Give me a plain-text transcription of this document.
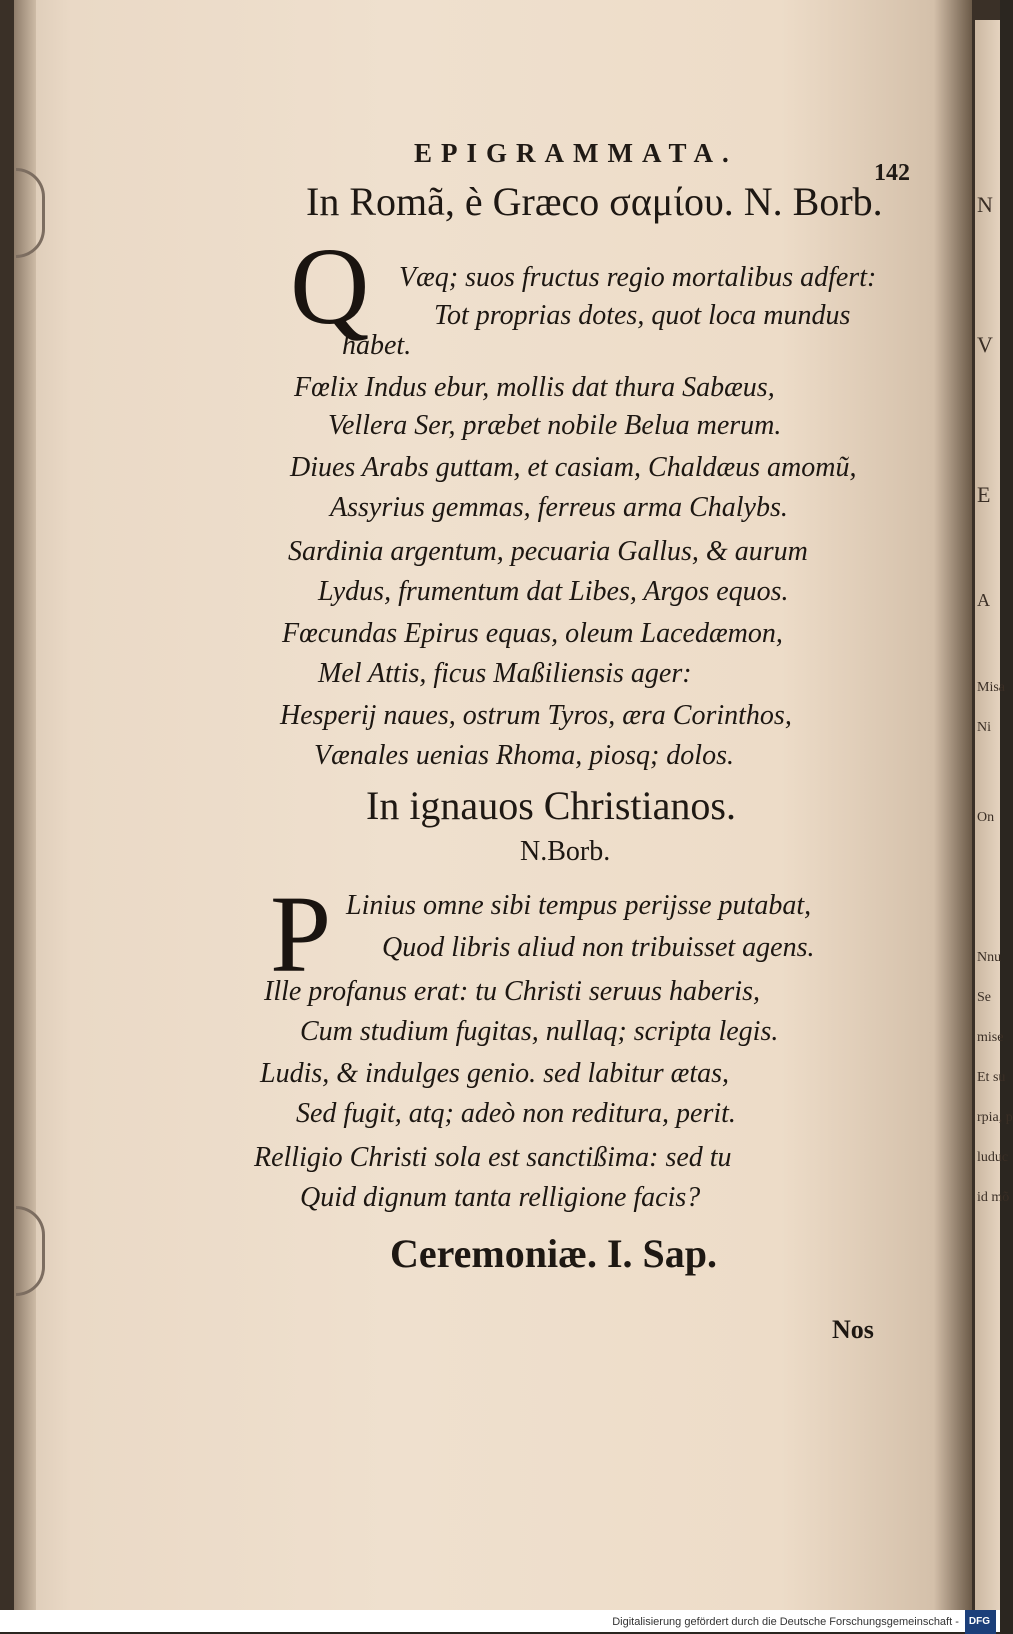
EPIGRAMMATA.
142
In Romã, è Græco σαμίου. N. Borb.
Q Væq; suos fructus regio mortalibus adfert:
Tot proprias dotes, quot loca mundus
habet.
Fœlix Indus ebur, mollis dat thura Sabæus,
Vellera Ser, præbet nobile Belua merum.
Diues Arabs guttam, et casiam, Chaldæus amomũ,
Assyrius gemmas, ferreus arma Chalybs.
Sardinia argentum, pecuaria Gallus, & aurum
Lydus, frumentum dat Libes, Argos equos.
Fœcundas Epirus equas, oleum Lacedæmon,
Mel Attis, ficus Maßiliensis ager:
Hesperij naues, ostrum Tyros, æra Corinthos,
Vænales uenias Rhoma, piosq; dolos.
In ignauos Christianos.
N.Borb.
P Linius omne sibi tempus perijsse putabat,
Quod libris aliud non tribuisset agens.
Ille profanus erat: tu Christi seruus haberis,
Cum studium fugitas, nullaq; scripta legis.
Ludis, & indulges genio. sed labitur ætas,
Sed fugit, atq; adeò non reditura, perit.
Relligio Christi sola est sanctißima: sed tu
Quid dignum tanta relligione facis?
Ceremoniæ. I. Sap.
Nos
N
V
E
A
Misa
Ni
On
Nnu
Se
mise
Et su
rpia, p
luduc
id mõ
Digitalisierung gefördert durch die Deutsche Forschungsgemeinschaft - DFG
